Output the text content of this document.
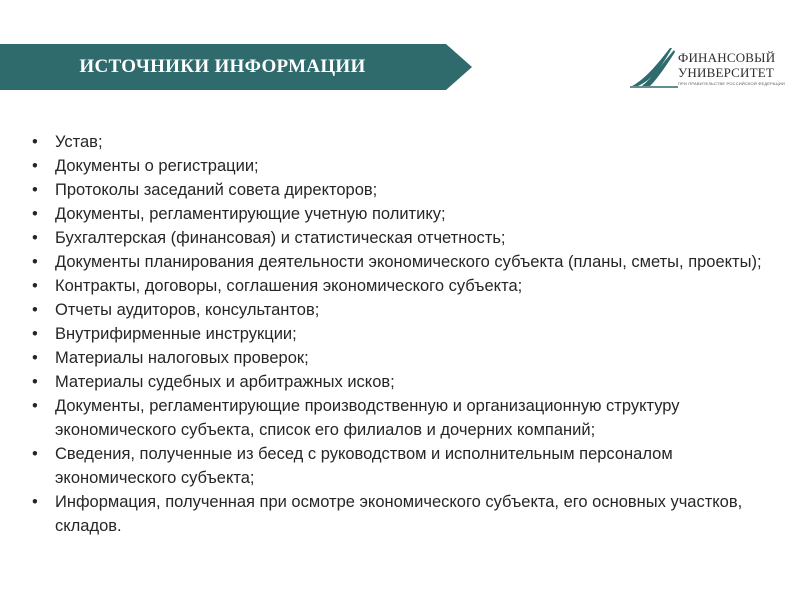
ИСТОЧНИКИ ИНФОРМАЦИИ	ФИНАНСОВЫЙ
УНИВЕРСИТЕТ
ПРИ ПРАВИТЕЛЬСТВЕ РОССИЙСКОЙ ФЕДЕРАЦИИ
• Устав;
• Документы о регистрации;
• Протоколы заседаний совета директоров;
• Документы, регламентирующие учетную политику;
• Бухгалтерская (финансовая) и статистическая отчетность;
• Документы планирования деятельности экономического субъекта (планы, сметы, проекты);
• Контракты, договоры, соглашения экономического субъекта;
• Отчеты аудиторов, консультантов;
• Внутрифирменные инструкции;
• Материалы налоговых проверок;
• Материалы судебных и арбитражных исков;
• Документы, регламентирующие производственную и организационную структуру экономического субъекта, список его филиалов и дочерних компаний;
• Сведения, полученные из бесед с руководством и исполнительным персоналом экономического субъекта;
• Информация, полученная при осмотре экономического субъекта, его основных участков, складов.
